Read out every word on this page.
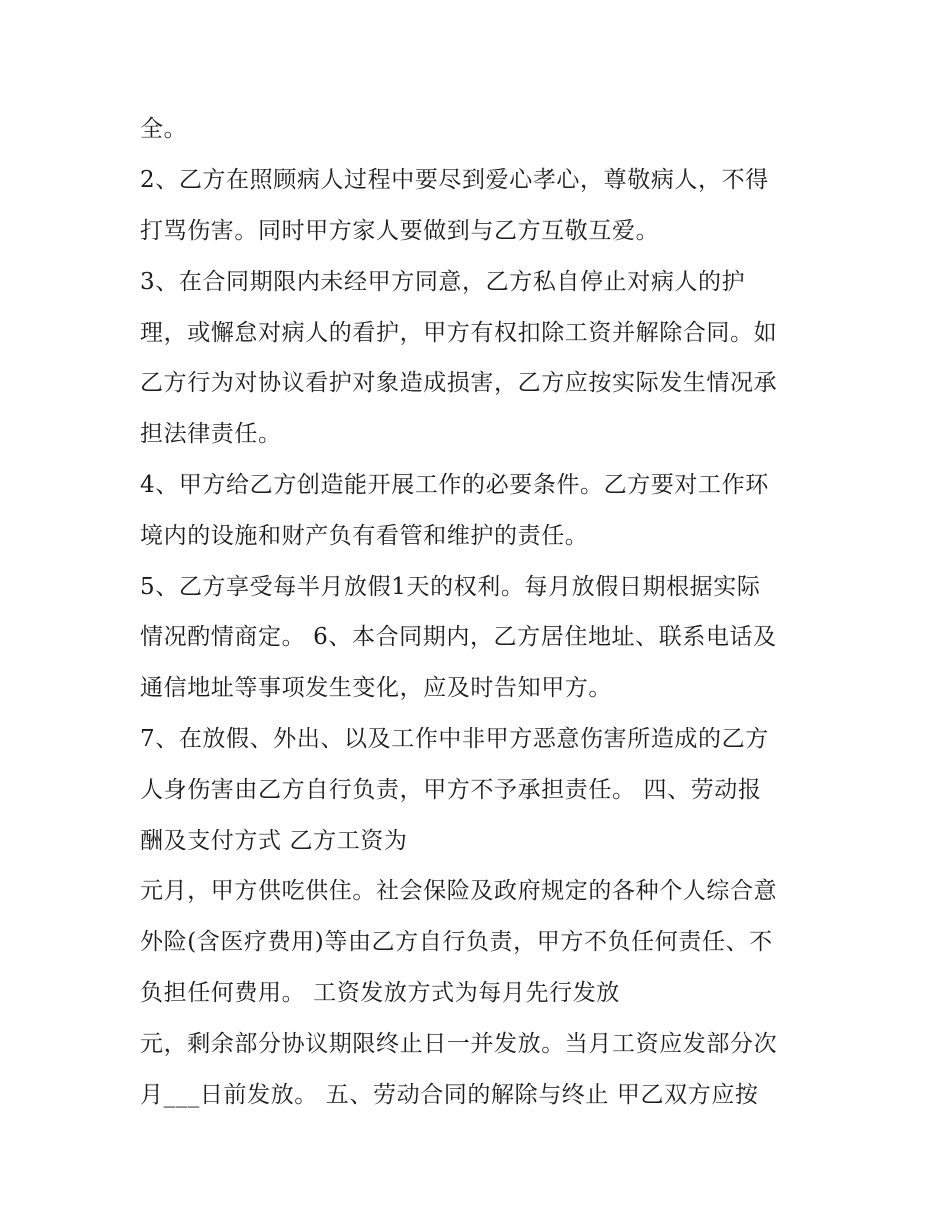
全。
2、乙方在照顾病人过程中要尽到爱心孝心，尊敬病人，不得
打骂伤害。同时甲方家人要做到与乙方互敬互爱。
3、在合同期限内未经甲方同意，乙方私自停止对病人的护
理，或懈怠对病人的看护，甲方有权扣除工资并解除合同。如
乙方行为对协议看护对象造成损害，乙方应按实际发生情况承
担法律责任。
4、甲方给乙方创造能开展工作的必要条件。乙方要对工作环
境内的设施和财产负有看管和维护的责任。
5、乙方享受每半月放假1天的权利。每月放假日期根据实际
情况酌情商定。 6、本合同期内，乙方居住地址、联系电话及
通信地址等事项发生变化，应及时告知甲方。
7、在放假、外出、以及工作中非甲方恶意伤害所造成的乙方
人身伤害由乙方自行负责，甲方不予承担责任。 四、劳动报
酬及支付方式 乙方工资为
元月，甲方供吃供住。社会保险及政府规定的各种个人综合意
外险(含医疗费用)等由乙方自行负责，甲方不负任何责任、不
负担任何费用。 工资发放方式为每月先行发放
元，剩余部分协议期限终止日一并发放。当月工资应发部分次
月___日前发放。 五、劳动合同的解除与终止 甲乙双方应按
